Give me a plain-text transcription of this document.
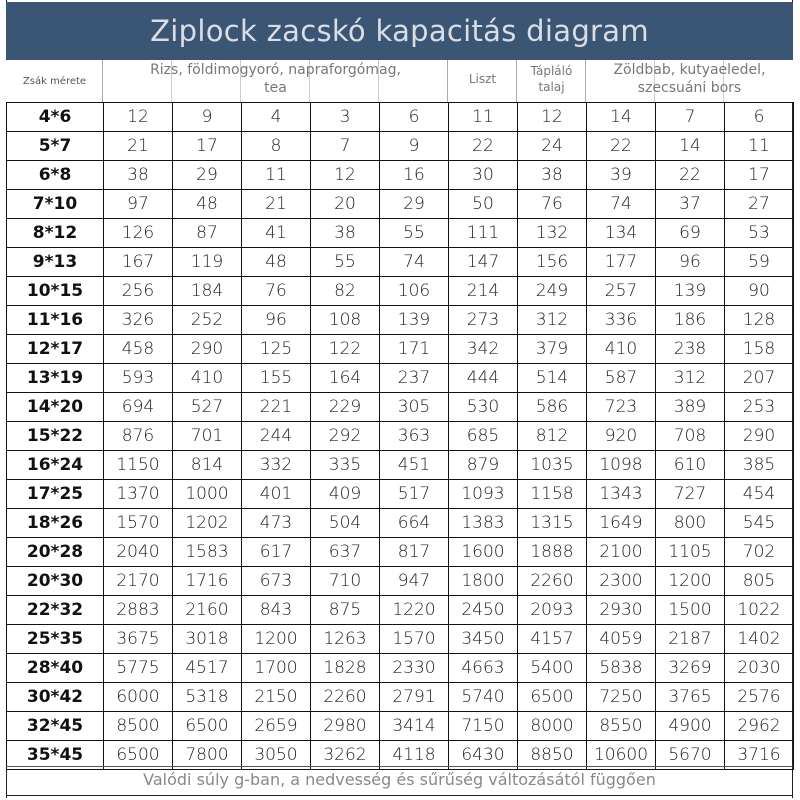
Ziplock zacskó kapacitás diagram
Zsák mérete
Rizs, földimogyoró, napraforgómag,
tea
Liszt
Tápláló
talaj
Zöldbab, kutyaeledel,
szecsuáni bors
4*6	12	9	4	3	6	11	12	14	7	6
5*7	21	17	8	7	9	22	24	22	14	11
6*8	38	29	11	12	16	30	38	39	22	17
7*10	97	48	21	20	29	50	76	74	37	27
8*12	126	87	41	38	55	111	132	134	69	53
9*13	167	119	48	55	74	147	156	177	96	59
10*15	256	184	76	82	106	214	249	257	139	90
11*16	326	252	96	108	139	273	312	336	186	128
12*17	458	290	125	122	171	342	379	410	238	158
13*19	593	410	155	164	237	444	514	587	312	207
14*20	694	527	221	229	305	530	586	723	389	253
15*22	876	701	244	292	363	685	812	920	708	290
16*24	1150	814	332	335	451	879	1035	1098	610	385
17*25	1370	1000	401	409	517	1093	1158	1343	727	454
18*26	1570	1202	473	504	664	1383	1315	1649	800	545
20*28	2040	1583	617	637	817	1600	1888	2100	1105	702
20*30	2170	1716	673	710	947	1800	2260	2300	1200	805
22*32	2883	2160	843	875	1220	2450	2093	2930	1500	1022
25*35	3675	3018	1200	1263	1570	3450	4157	4059	2187	1402
28*40	5775	4517	1700	1828	2330	4663	5400	5838	3269	2030
30*42	6000	5318	2150	2260	2791	5740	6500	7250	3765	2576
32*45	8500	6500	2659	2980	3414	7150	8000	8550	4900	2962
35*45	6500	7800	3050	3262	4118	6430	8850	10600	5670	3716
Valódi súly g-ban, a nedvesség és sűrűség változásától függően
